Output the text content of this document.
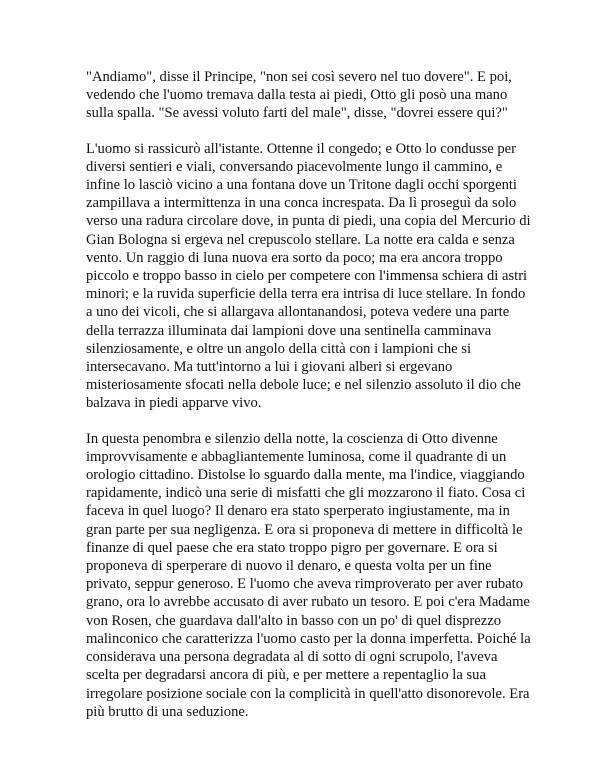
"Andiamo", disse il Principe, "non sei così severo nel tuo dovere". E poi,
vedendo che l'uomo tremava dalla testa ai piedi, Otto gli posò una mano
sulla spalla. "Se avessi voluto farti del male", disse, "dovrei essere qui?"

L'uomo si rassicurò all'istante. Ottenne il congedo; e Otto lo condusse per
diversi sentieri e viali, conversando piacevolmente lungo il cammino, e
infine lo lasciò vicino a una fontana dove un Tritone dagli occhi sporgenti
zampillava a intermittenza in una conca increspata. Da lì proseguì da solo
verso una radura circolare dove, in punta di piedi, una copia del Mercurio di
Gian Bologna si ergeva nel crepuscolo stellare. La notte era calda e senza
vento. Un raggio di luna nuova era sorto da poco; ma era ancora troppo
piccolo e troppo basso in cielo per competere con l'immensa schiera di astri
minori; e la ruvida superficie della terra era intrisa di luce stellare. In fondo
a uno dei vicoli, che si allargava allontanandosi, poteva vedere una parte
della terrazza illuminata dai lampioni dove una sentinella camminava
silenziosamente, e oltre un angolo della città con i lampioni che si
intersecavano. Ma tutt'intorno a lui i giovani alberi si ergevano
misteriosamente sfocati nella debole luce; e nel silenzio assoluto il dio che
balzava in piedi apparve vivo.

In questa penombra e silenzio della notte, la coscienza di Otto divenne
improvvisamente e abbagliantemente luminosa, come il quadrante di un
orologio cittadino. Distolse lo sguardo dalla mente, ma l'indice, viaggiando
rapidamente, indicò una serie di misfatti che gli mozzarono il fiato. Cosa ci
faceva in quel luogo? Il denaro era stato sperperato ingiustamente, ma in
gran parte per sua negligenza. E ora si proponeva di mettere in difficoltà le
finanze di quel paese che era stato troppo pigro per governare. E ora si
proponeva di sperperare di nuovo il denaro, e questa volta per un fine
privato, seppur generoso. E l'uomo che aveva rimproverato per aver rubato
grano, ora lo avrebbe accusato di aver rubato un tesoro. E poi c'era Madame
von Rosen, che guardava dall'alto in basso con un po' di quel disprezzo
malinconico che caratterizza l'uomo casto per la donna imperfetta. Poiché la
considerava una persona degradata al di sotto di ogni scrupolo, l'aveva
scelta per degradarsi ancora di più, e per mettere a repentaglio la sua
irregolare posizione sociale con la complicità in quell'atto disonorevole. Era
più brutto di una seduzione.
